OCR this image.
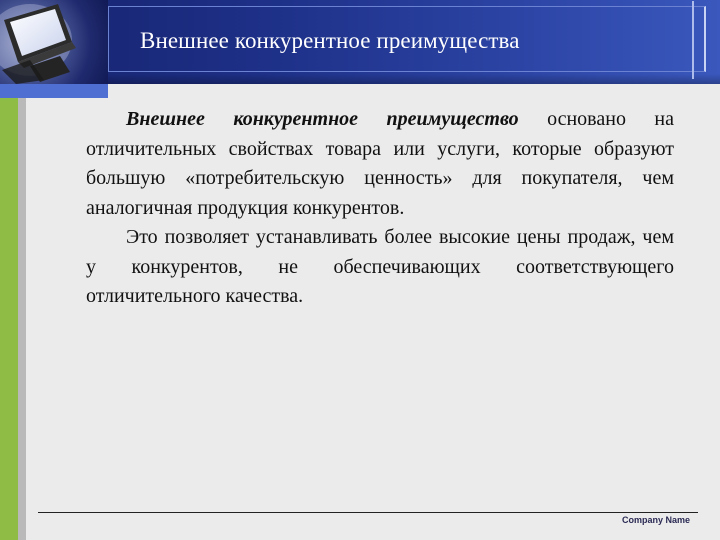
Внешнее конкурентное преимущества

Внешнее конкурентное преимущество основано на отличительных свойствах товара или услуги, которые образуют большую «потребительскую ценность» для покупателя, чем аналогичная продукция конкурентов.

Это позволяет устанавливать более высокие цены продаж, чем у конкурентов, не обеспечивающих соответствующего отличительного качества.

Company Name
